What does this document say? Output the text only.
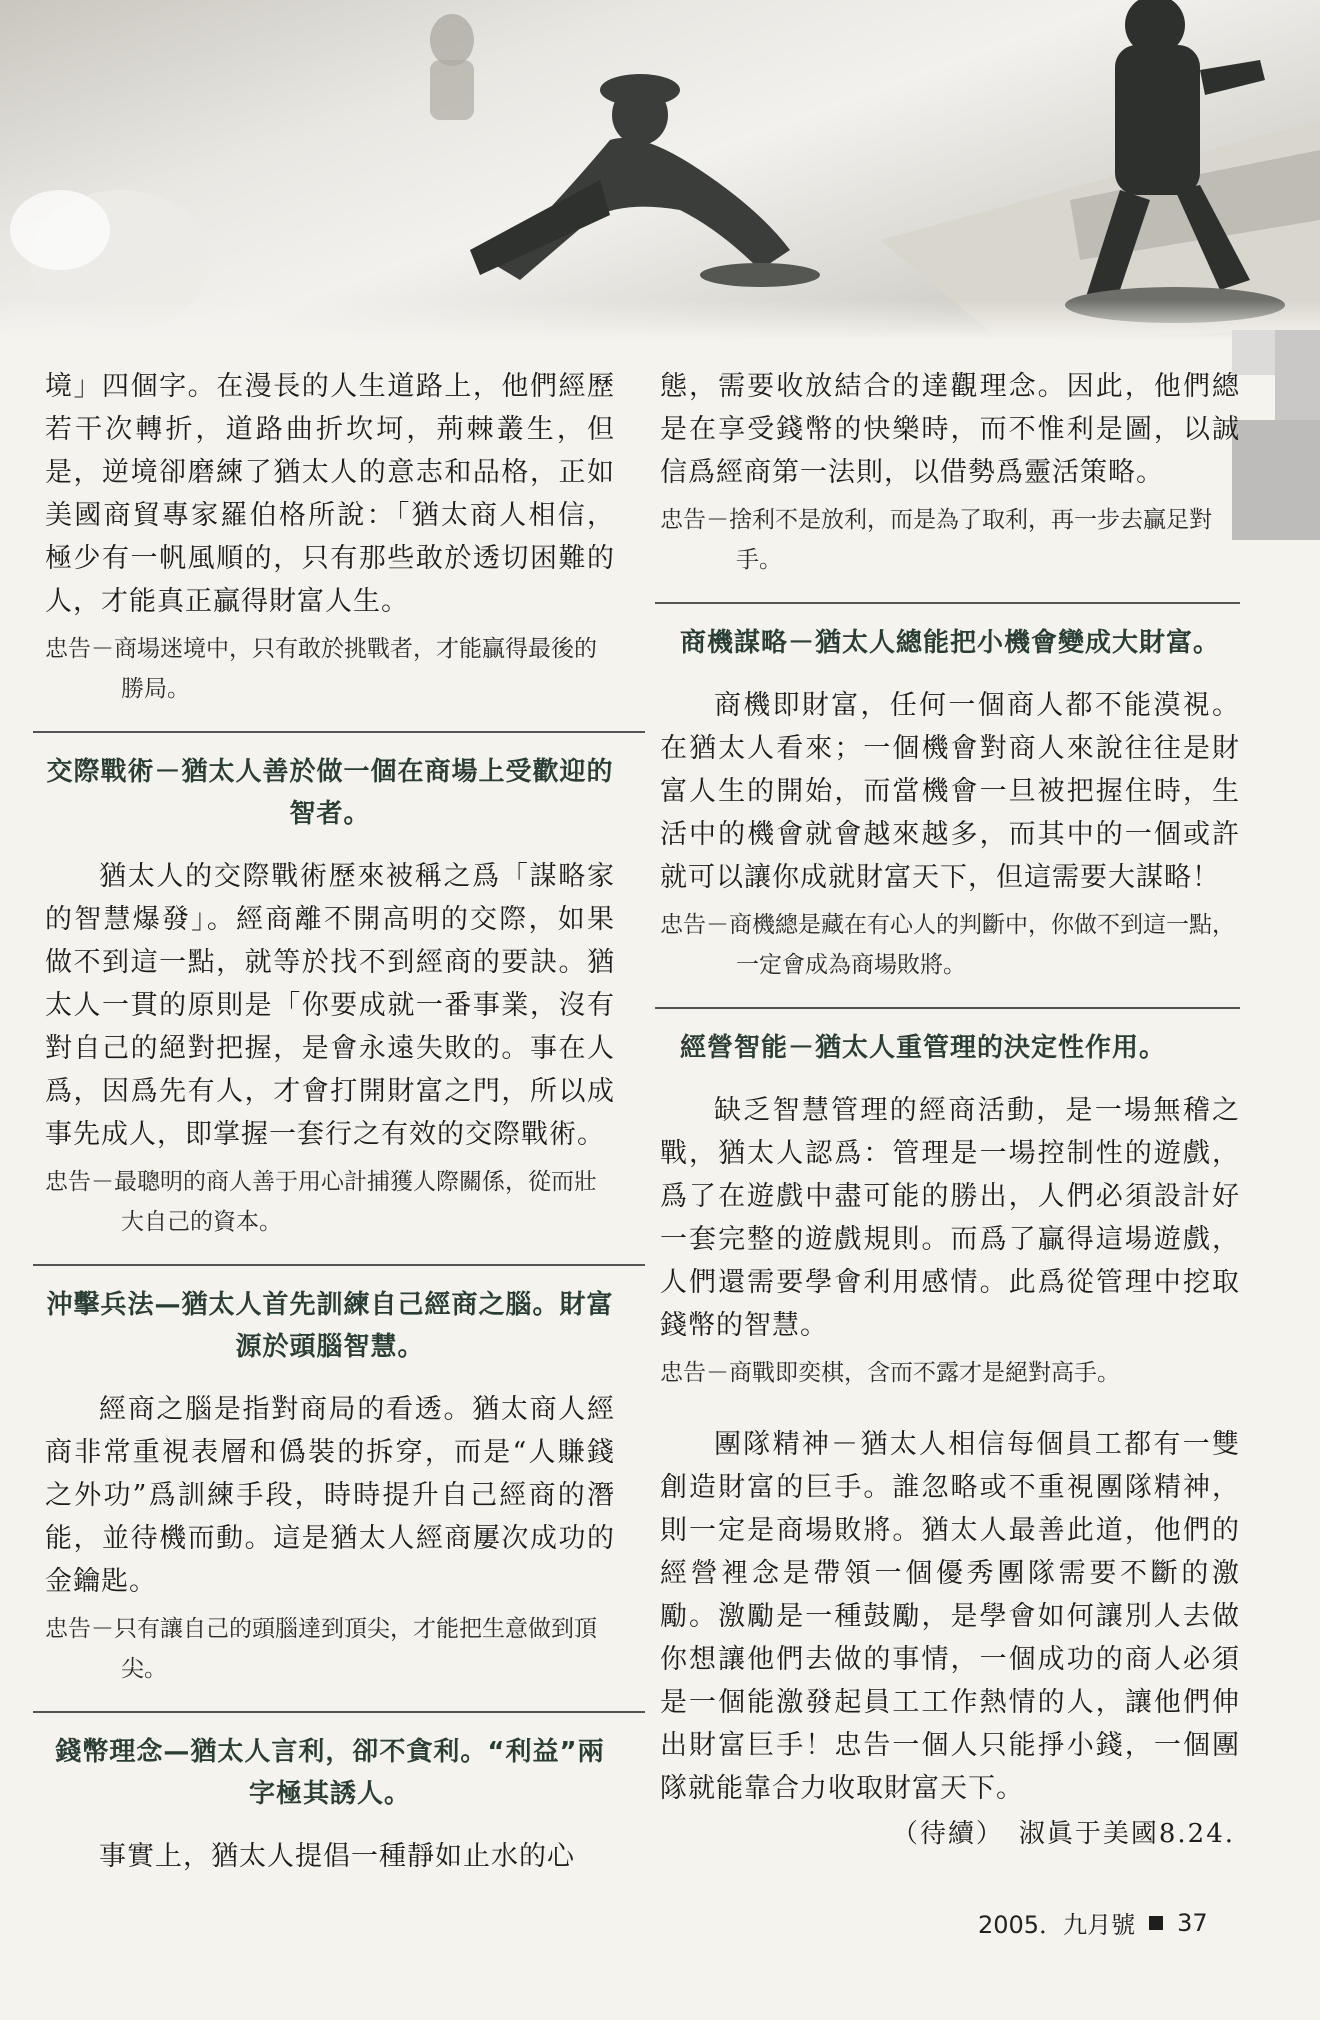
境」四個字。在漫長的人生道路上，他們經歷若干次轉折，道路曲折坎坷，荊棘叢生，但是，逆境卻磨練了猶太人的意志和品格，正如美國商貿專家羅伯格所說：「猶太商人相信，極少有一帆風順的，只有那些敢於透切困難的人，才能真正贏得財富人生。

忠告－商場迷境中，只有敢於挑戰者，才能贏得最後的勝局。

交際戰術－猶太人善於做一個在商場上受歡迎的智者。

猶太人的交際戰術歷來被稱之爲「謀略家的智慧爆發」。經商離不開高明的交際，如果做不到這一點，就等於找不到經商的要訣。猶太人一貫的原則是「你要成就一番事業，沒有對自己的絕對把握，是會永遠失敗的。事在人爲，因爲先有人，才會打開財富之門，所以成事先成人，即掌握一套行之有效的交際戰術。

忠告－最聰明的商人善于用心計捕獲人際關係，從而壯大自己的資本。

沖擊兵法—猶太人首先訓練自己經商之腦。財富源於頭腦智慧。

經商之腦是指對商局的看透。猶太商人經商非常重視表層和僞裝的拆穿，而是“人賺錢之外功”爲訓練手段，時時提升自己經商的潛能，並待機而動。這是猶太人經商屢次成功的金鑰匙。

忠告－只有讓自己的頭腦達到頂尖，才能把生意做到頂尖。

錢幣理念—猶太人言利，卻不貪利。“利益”兩字極其誘人。

事實上，猶太人提倡一種靜如止水的心

態，需要收放結合的達觀理念。因此，他們總是在享受錢幣的快樂時，而不惟利是圖，以誠信爲經商第一法則，以借勢爲靈活策略。

忠告－捨利不是放利，而是為了取利，再一步去贏足對手。

商機謀略－猶太人總能把小機會變成大財富。

商機即財富，任何一個商人都不能漠視。在猶太人看來；一個機會對商人來說往往是財富人生的開始，而當機會一旦被把握住時，生活中的機會就會越來越多，而其中的一個或許就可以讓你成就財富天下，但這需要大謀略！

忠告－商機總是藏在有心人的判斷中，你做不到這一點，一定會成為商場敗將。

經營智能－猶太人重管理的決定性作用。

缺乏智慧管理的經商活動，是一場無稽之戰，猶太人認爲：管理是一場控制性的遊戲，爲了在遊戲中盡可能的勝出，人們必須設計好一套完整的遊戲規則。而爲了贏得這場遊戲，人們還需要學會利用感情。此爲從管理中挖取錢幣的智慧。

忠告－商戰即奕棋，含而不露才是絕對高手。

團隊精神－猶太人相信每個員工都有一雙創造財富的巨手。誰忽略或不重視團隊精神，則一定是商場敗將。猶太人最善此道，他們的經營裡念是帶領一個優秀團隊需要不斷的激勵。激勵是一種鼓勵，是學會如何讓別人去做你想讓他們去做的事情，一個成功的商人必須是一個能激發起員工工作熱情的人，讓他們伸出財富巨手！忠告一個人只能掙小錢，一個團隊就能靠合力收取財富天下。

（待續）　淑眞于美國8.24.
2005．九月號 37
